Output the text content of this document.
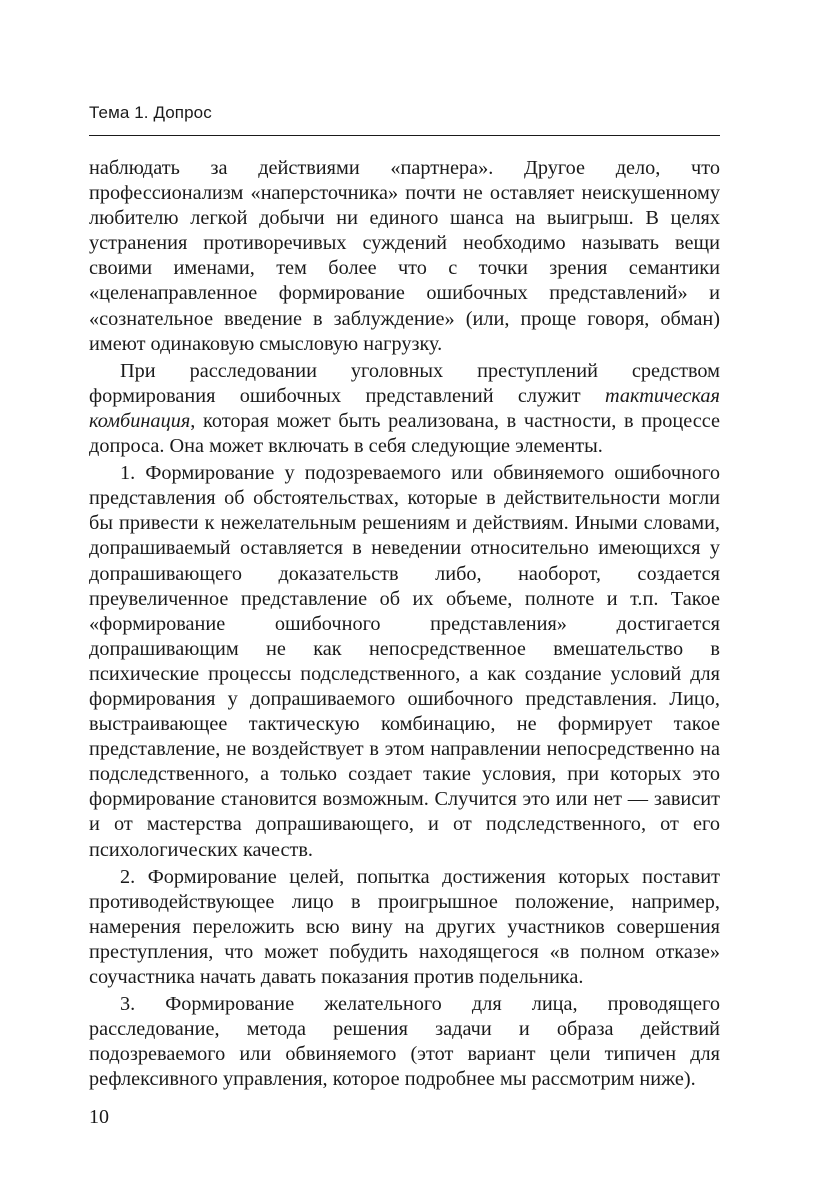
Тема 1. Допрос

наблюдать за действиями «партнера». Другое дело, что профессионализм «наперсточника» почти не оставляет неискушенному любителю легкой добычи ни единого шанса на выигрыш. В целях устранения противоречивых суждений необходимо называть вещи своими именами, тем более что с точки зрения семантики «целенаправленное формирование ошибочных представлений» и «сознательное введение в заблуждение» (или, проще говоря, обман) имеют одинаковую смысловую нагрузку.

При расследовании уголовных преступлений средством формирования ошибочных представлений служит тактическая комбинация, которая может быть реализована, в частности, в процессе допроса. Она может включать в себя следующие элементы.

1. Формирование у подозреваемого или обвиняемого ошибочного представления об обстоятельствах, которые в действительности могли бы привести к нежелательным решениям и действиям. Иными словами, допрашиваемый оставляется в неведении относительно имеющихся у допрашивающего доказательств либо, наоборот, создается преувеличенное представление об их объеме, полноте и т.п. Такое «формирование ошибочного представления» достигается допрашивающим не как непосредственное вмешательство в психические процессы подследственного, а как создание условий для формирования у допрашиваемого ошибочного представления. Лицо, выстраивающее тактическую комбинацию, не формирует такое представление, не воздействует в этом направлении непосредственно на подследственного, а только создает такие условия, при которых это формирование становится возможным. Случится это или нет — зависит и от мастерства допрашивающего, и от подследственного, от его психологических качеств.

2. Формирование целей, попытка достижения которых поставит противодействующее лицо в проигрышное положение, например, намерения переложить всю вину на других участников совершения преступления, что может побудить находящегося «в полном отказе» соучастника начать давать показания против подельника.

3. Формирование желательного для лица, проводящего расследование, метода решения задачи и образа действий подозреваемого или обвиняемого (этот вариант цели типичен для рефлексивного управления, которое подробнее мы рассмотрим ниже).

10
